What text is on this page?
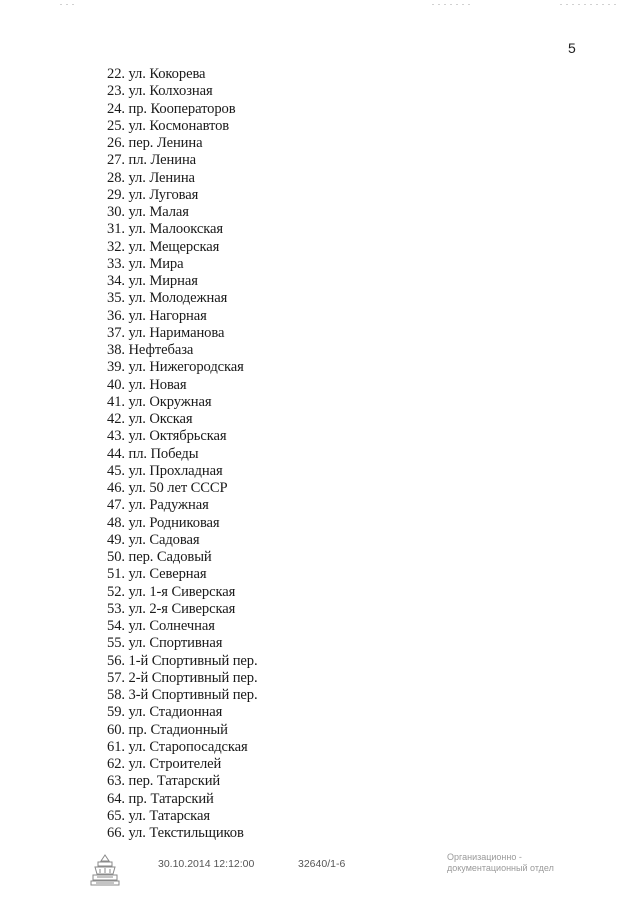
5
22. ул. Кокорева
23. ул. Колхозная
24. пр. Кооператоров
25. ул. Космонавтов
26. пер. Ленина
27. пл. Ленина
28. ул. Ленина
29. ул. Луговая
30. ул. Малая
31. ул. Малоокская
32. ул. Мещерская
33. ул. Мира
34. ул. Мирная
35. ул. Молодежная
36. ул. Нагорная
37. ул. Нариманова
38. Нефтебаза
39. ул. Нижегородская
40. ул. Новая
41. ул. Окружная
42. ул. Окская
43. ул. Октябрьская
44. пл. Победы
45. ул. Прохладная
46. ул. 50 лет СССР
47. ул. Радужная
48. ул. Родниковая
49. ул. Садовая
50. пер. Садовый
51. ул. Северная
52. ул. 1-я Сиверская
53. ул. 2-я Сиверская
54. ул. Солнечная
55. ул. Спортивная
56. 1-й Спортивный пер.
57. 2-й Спортивный пер.
58. 3-й Спортивный пер.
59. ул. Стадионная
60. пр. Стадионный
61. ул. Старопосадская
62. ул. Строителей
63. пер. Татарский
64. пр. Татарский
65. ул. Татарская
66. ул. Текстильщиков
30.10.2014 12:12:00	32640/1-6
Организационно -
документационный отдел
